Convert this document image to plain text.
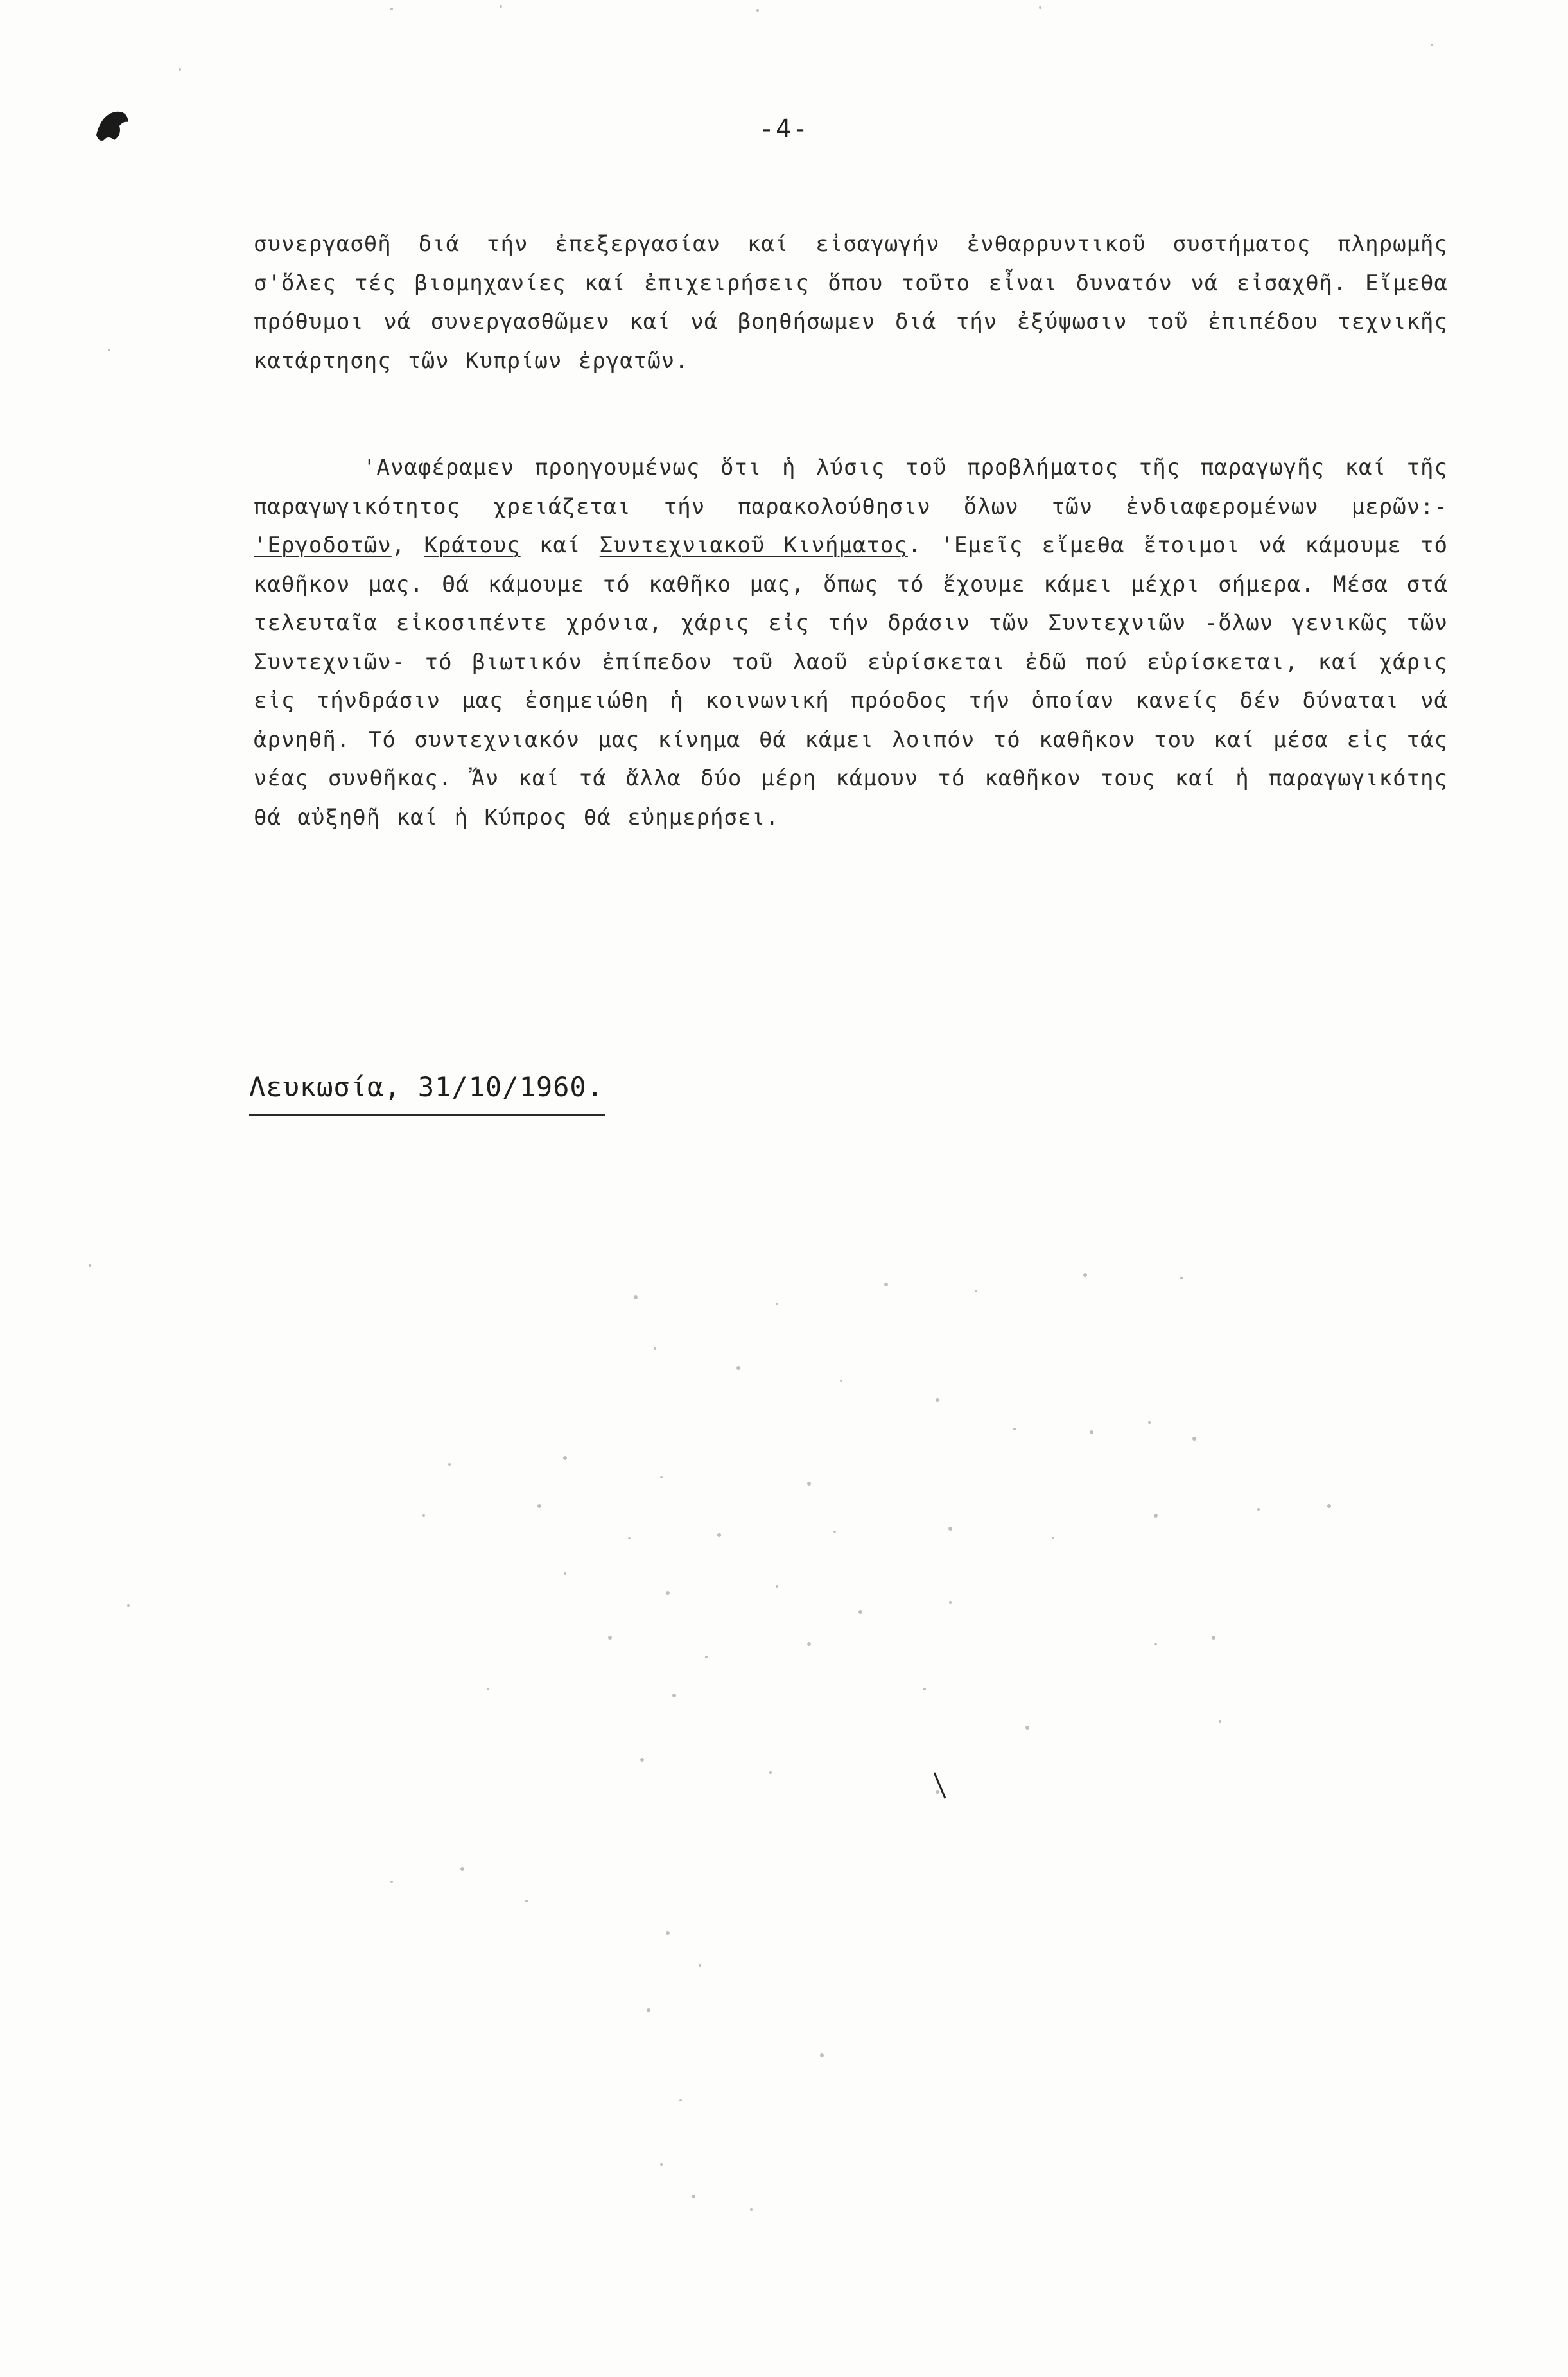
-4-
συνεργασθῆ διά τήν ἐπεξεργασίαν καί εἰσαγωγήν ἐνθαρρυντικοῦ συστήματος πληρωμῆς σ'ὅλες τές βιομηχανίες καί ἐπιχειρήσεις ὅπου τοῦτο εἶναι δυνατόν νά εἰσαχθῆ. Εἴμεθα πρόθυμοι νά συνεργασθῶμεν καί νά βοηθήσωμεν διά τήν ἐξύψωσιν τοῦ ἐπιπέδου τεχνικῆς κατάρτησης τῶν Κυπρίων ἐργατῶν.
'Αναφέραμεν προηγουμένως ὅτι ἡ λύσις τοῦ προβλήματος τῆς παραγωγῆς καί τῆς παραγωγικότητος χρειάζεται τήν παρακολούθησιν ὅλων τῶν ἐνδιαφερομένων μερῶν:- 'Εργοδοτῶν, Κράτους καί Συντεχνιακοῦ Κινήματος. 'Εμεῖς εἴμεθα ἕτοιμοι νά κάμουμε τό καθῆκον μας. Θά κάμουμε τό καθῆκο μας, ὅπως τό ἔχουμε κάμει μέχρι σήμερα. Μέσα στά τελευταῖα εἰκοσιπέντε χρόνια, χάρις εἰς τήν δράσιν τῶν Συντεχνιῶν -ὅλων γενικῶς τῶν Συντεχνιῶν- τό βιωτικόν ἐπίπεδον τοῦ λαοῦ εὑρίσκεται ἐδῶ πού εὑρίσκεται, καί χάρις εἰς τήνδράσιν μας ἐσημειώθη ἡ κοινωνική πρόοδος τήν ὁποίαν κανείς δέν δύναται νά ἀρνηθῆ. Τό συντεχνιακόν μας κίνημα θά κάμει λοιπόν τό καθῆκον του καί μέσα εἰς τάς νέας συνθῆκας. Ἄν καί τά ἄλλα δύο μέρη κάμουν τό καθῆκον τους καί ἡ παραγωγικότης θά αὐξηθῆ καί ἡ Κύπρος θά εὐημερήσει.
Λευκωσία, 31/10/1960.
